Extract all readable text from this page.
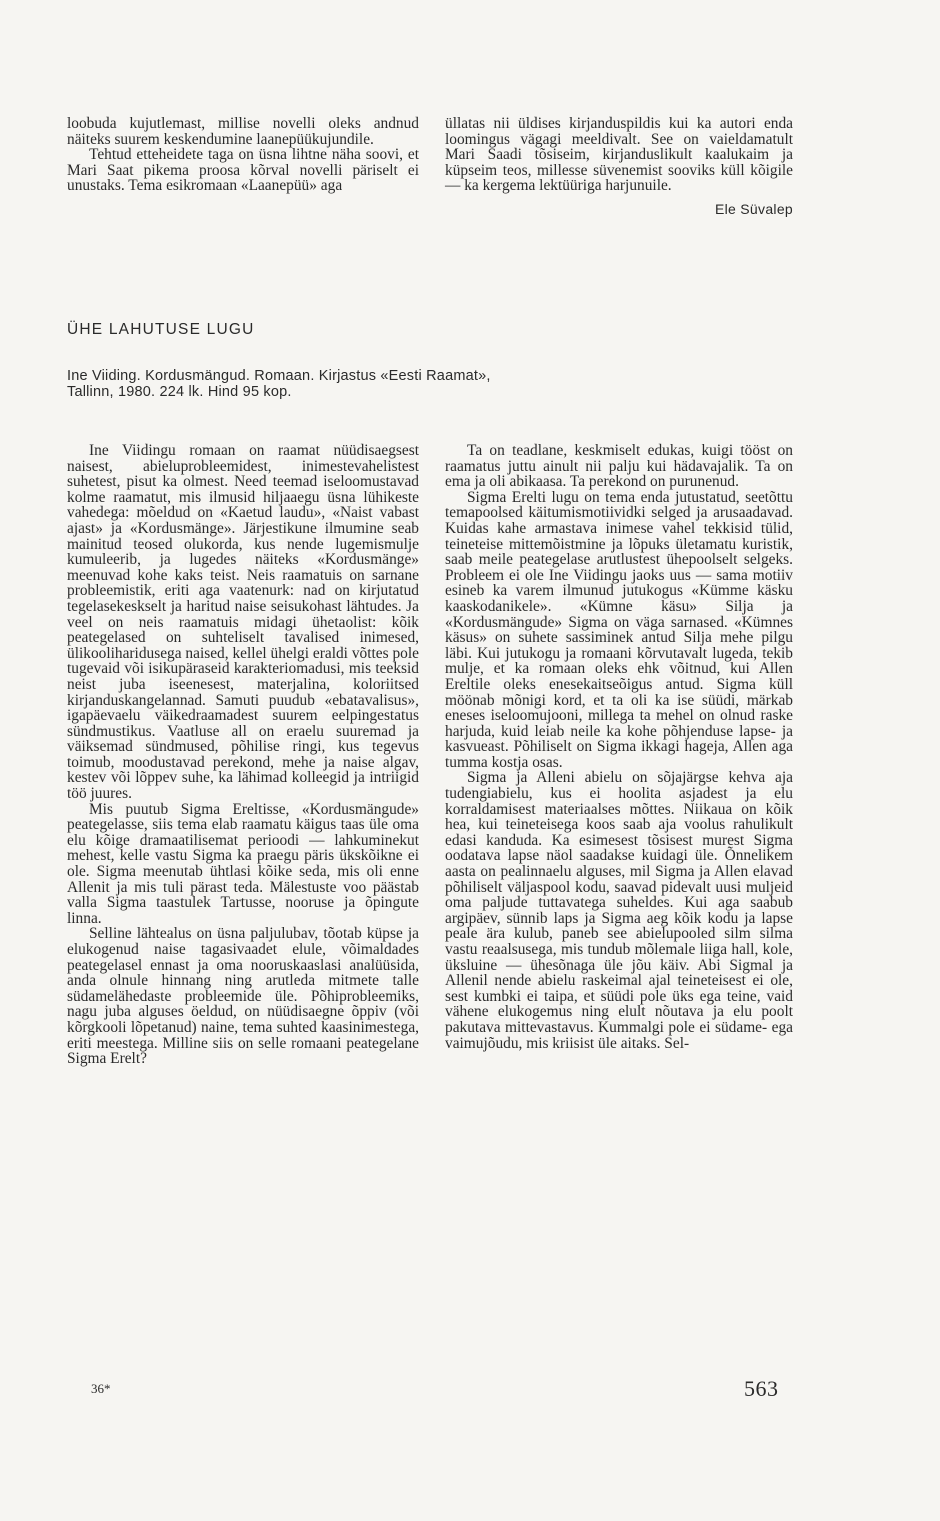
loobuda kujutlemast, millise novelli oleks andnud näiteks suurem keskendumine laanepüükujundile.

Tehtud etteheidete taga on üsna lihtne näha soovi, et Mari Saat pikema proosa kõrval novelli päriselt ei unustaks. Tema esikromaan «Laanepüü» aga

üllatas nii üldises kirjanduspildis kui ka autori enda loomingus vägagi meeldivalt. See on vaieldamatult Mari Saadi tõsiseim, kirjanduslikult kaalukaim ja küpseim teos, millesse süvenemist sooviks küll kõigile — ka kergema lektüüriga harjunuile.

Ele Süvalep
ÜHE LAHUTUSE LUGU
Ine Viiding. Kordusmängud. Romaan. Kirjastus «Eesti Raamat»,
Tallinn, 1980. 224 lk. Hind 95 kop.

Ine Viidingu romaan on raamat nüüdisaegsest naisest, abieluprobleemidest, inimestevahelistest suhetest, pisut ka olmest. Need teemad iseloomustavad kolme raamatut, mis ilmusid hiljaaegu üsna lühikeste vahedega: mõeldud on «Kaetud laudu», «Naist vabast ajast» ja «Kordusmänge». Järjestikune ilmumine seab mainitud teosed olukorda, kus nende lugemismulje kumuleerib, ja lugedes näiteks «Kordusmänge» meenuvad kohe kaks teist. Neis raamatuis on sarnane probleemistik, eriti aga vaatenurk: nad on kirjutatud tegelasekeskselt ja haritud naise seisukohast lähtudes. Ja veel on neis raamatuis midagi ühetaolist: kõik peategelased on suhteliselt tavalised inimesed, ülikooliharidusega naised, kellel ühelgi eraldi võttes pole tugevaid või isikupäraseid karakteriomadusi, mis teeksid neist juba iseenesest, materjalina, koloriitsed kirjanduskangelannad. Samuti puudub «ebatavalisus», igapäevaelu väikedraamadest suurem eelpingestatus sündmustikus. Vaatluse all on eraelu suuremad ja väiksemad sündmused, põhilise ringi, kus tegevus toimub, moodustavad perekond, mehe ja naise algav, kestev või lõppev suhe, ka lähimad kolleegid ja intriigid töö juures.

Mis puutub Sigma Ereltisse, «Kordusmängude» peategelasse, siis tema elab raamatu käigus taas üle oma elu kõige dramaatilisemat perioodi — lahkuminekut mehest, kelle vastu Sigma ka praegu päris ükskõikne ei ole. Sigma meenutab ühtlasi kõike seda, mis oli enne Allenit ja mis tuli pärast teda. Mälestuste voo päästab valla Sigma taastulek Tartusse, nooruse ja õpingute linna.

Selline lähtealus on üsna paljulubav, tõotab küpse ja elukogenud naise tagasivaadet elule, võimaldades peategelasel ennast ja oma nooruskaaslasi analüüsida, anda olnule hinnang ning arutleda mitmete talle südamelähedaste probleemide üle. Põhiprobleemiks, nagu juba alguses öeldud, on nüüdisaegne õppiv (või kõrgkooli lõpetanud) naine, tema suhted kaasinimestega, eriti meestega. Milline siis on selle romaani peategelane Sigma Erelt?

Ta on teadlane, keskmiselt edukas, kuigi tööst on raamatus juttu ainult nii palju kui hädavajalik. Ta on ema ja oli abikaasa. Ta perekond on purunenud.

Sigma Erelti lugu on tema enda jutustatud, seetõttu temapoolsed käitumismotiividki selged ja arusaadavad. Kuidas kahe armastava inimese vahel tekkisid tülid, teineteise mittemõistmine ja lõpuks ületamatu kuristik, saab meile peategelase arutlustest ühepoolselt selgeks. Probleem ei ole Ine Viidingu jaoks uus — sama motiiv esineb ka varem ilmunud jutukogus «Kümme käsku kaaskodanikele». «Kümne käsu» Silja ja «Kordusmängude» Sigma on väga sarnased. «Kümnes käsus» on suhete sassiminek antud Silja mehe pilgu läbi. Kui jutukogu ja romaani kõrvutavalt lugeda, tekib mulje, et ka romaan oleks ehk võitnud, kui Allen Ereltile oleks enesekaitseõigus antud. Sigma küll möönab mõnigi kord, et ta oli ka ise süüdi, märkab eneses iseloomujooni, millega ta mehel on olnud raske harjuda, kuid leiab neile ka kohe põhjenduse lapse- ja kasvueast. Põhiliselt on Sigma ikkagi hageja, Allen aga tumma kostja osas.

Sigma ja Alleni abielu on sõjajärgse kehva aja tudengiabielu, kus ei hoolita asjadest ja elu korraldamisest materiaalses mõttes. Niikaua on kõik hea, kui teineteisega koos saab aja voolus rahulikult edasi kanduda. Ka esimesest tõsisest murest Sigma oodatava lapse näol saadakse kuidagi üle. Õnnelikem aasta on pealinnaelu alguses, mil Sigma ja Allen elavad põhiliselt väljaspool kodu, saavad pidevalt uusi muljeid oma paljude tuttavatega suheldes. Kui aga saabub argipäev, sünnib laps ja Sigma aeg kõik kodu ja lapse peale ära kulub, paneb see abielupooled silm silma vastu reaalsusega, mis tundub mõlemale liiga hall, kole, üksluine — ühesõnaga üle jõu käiv. Abi Sigmal ja Allenil nende abielu raskeimal ajal teineteisest ei ole, sest kumbki ei taipa, et süüdi pole üks ega teine, vaid vähene elukogemus ning elult nõutava ja elu poolt pakutava mittevastavus. Kummalgi pole ei südame- ega vaimujõudu, mis kriisist üle aitaks. Sel-

36*	563
